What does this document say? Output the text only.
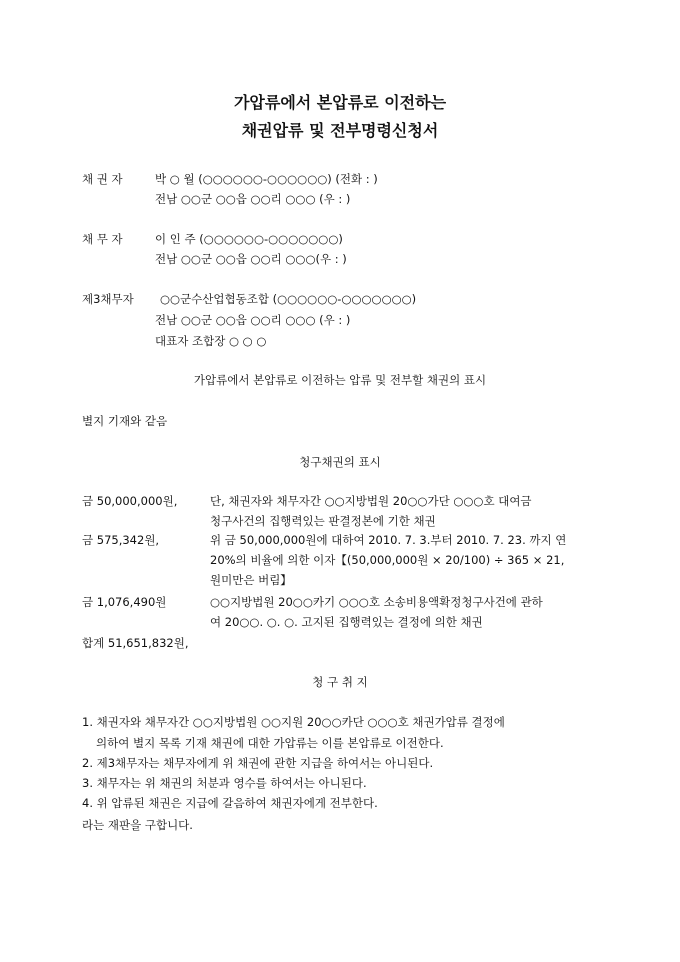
가압류에서 본압류로 이전하는
채권압류 및 전부명령신청서
채 권 자	박 ○ 월 (○○○○○○-○○○○○○) (전화 : )
전남 ○○군 ○○읍 ○○리 ○○○ (우 : )
채 무 자	이 인 주 (○○○○○○-○○○○○○○)
전남 ○○군 ○○읍 ○○리 ○○○(우 : )
제3채무자 ○○군수산업협동조합 (○○○○○○-○○○○○○○)
전남 ○○군 ○○읍 ○○리 ○○○ (우 : )
대표자 조합장 ○ ○ ○
가압류에서 본압류로 이전하는 압류 및 전부할 채권의 표시
별지 기재와 같음
청구채권의 표시
금 50,000,000원,	단, 채권자와 채무자간 ○○지방법원 20○○가단 ○○○호 대여금
청구사건의 집행력있는 판결정본에 기한 채권
금 575,342원,	위 금 50,000,000원에 대하여 2010. 7. 3.부터 2010. 7. 23. 까지 연
20%의 비율에 의한 이자【(50,000,000원 × 20/100) ÷ 365 × 21,
원미만은 버림】
금 1,076,490원	○○지방법원 20○○카기 ○○○호 소송비용액확정청구사건에 관하
여 20○○. ○. ○. 고지된 집행력있는 결정에 의한 채권
합계 51,651,832원,
청 구 취 지
1. 채권자와 채무자간 ○○지방법원 ○○지원 20○○카단 ○○○호 채권가압류 결정에
의하여 별지 목록 기재 채권에 대한 가압류는 이를 본압류로 이전한다.
2. 제3채무자는 채무자에게 위 채권에 관한 지급을 하여서는 아니된다.
3. 채무자는 위 채권의 처분과 영수를 하여서는 아니된다.
4. 위 압류된 채권은 지급에 갈음하여 채권자에게 전부한다.
라는 재판을 구합니다.
